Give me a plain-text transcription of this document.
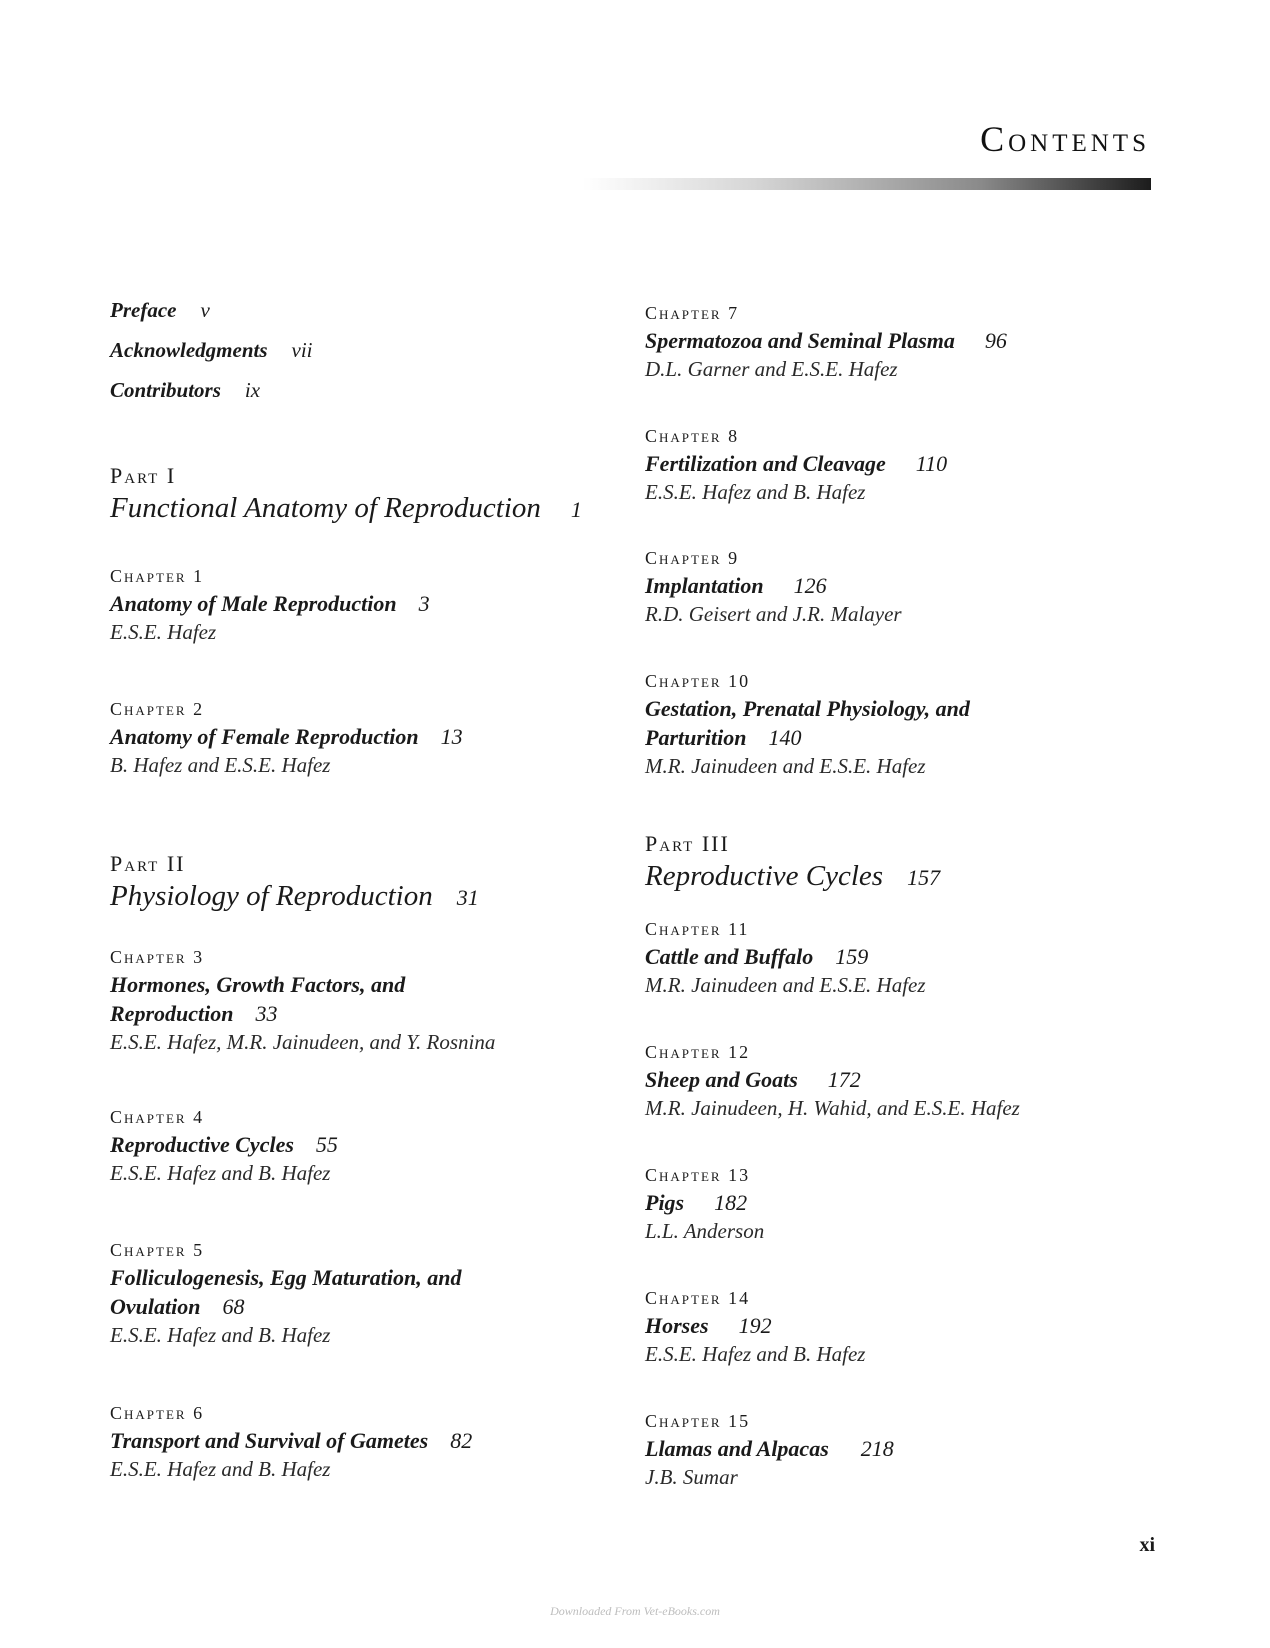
Contents
Preface v
Acknowledgments vii
Contributors ix
Part I
Functional Anatomy of Reproduction 1
Chapter 1
Anatomy of Male Reproduction 3
E.S.E. Hafez
Chapter 2
Anatomy of Female Reproduction 13
B. Hafez and E.S.E. Hafez
Part II
Physiology of Reproduction 31
Chapter 3
Hormones, Growth Factors, and Reproduction 33
E.S.E. Hafez, M.R. Jainudeen, and Y. Rosnina
Chapter 4
Reproductive Cycles 55
E.S.E. Hafez and B. Hafez
Chapter 5
Folliculogenesis, Egg Maturation, and Ovulation 68
E.S.E. Hafez and B. Hafez
Chapter 6
Transport and Survival of Gametes 82
E.S.E. Hafez and B. Hafez
Chapter 7
Spermatozoa and Seminal Plasma 96
D.L. Garner and E.S.E. Hafez
Chapter 8
Fertilization and Cleavage 110
E.S.E. Hafez and B. Hafez
Chapter 9
Implantation 126
R.D. Geisert and J.R. Malayer
Chapter 10
Gestation, Prenatal Physiology, and Parturition 140
M.R. Jainudeen and E.S.E. Hafez
Part III
Reproductive Cycles 157
Chapter 11
Cattle and Buffalo 159
M.R. Jainudeen and E.S.E. Hafez
Chapter 12
Sheep and Goats 172
M.R. Jainudeen, H. Wahid, and E.S.E. Hafez
Chapter 13
Pigs 182
L.L. Anderson
Chapter 14
Horses 192
E.S.E. Hafez and B. Hafez
Chapter 15
Llamas and Alpacas 218
J.B. Sumar
xi
Downloaded From Vet-eBooks.com
